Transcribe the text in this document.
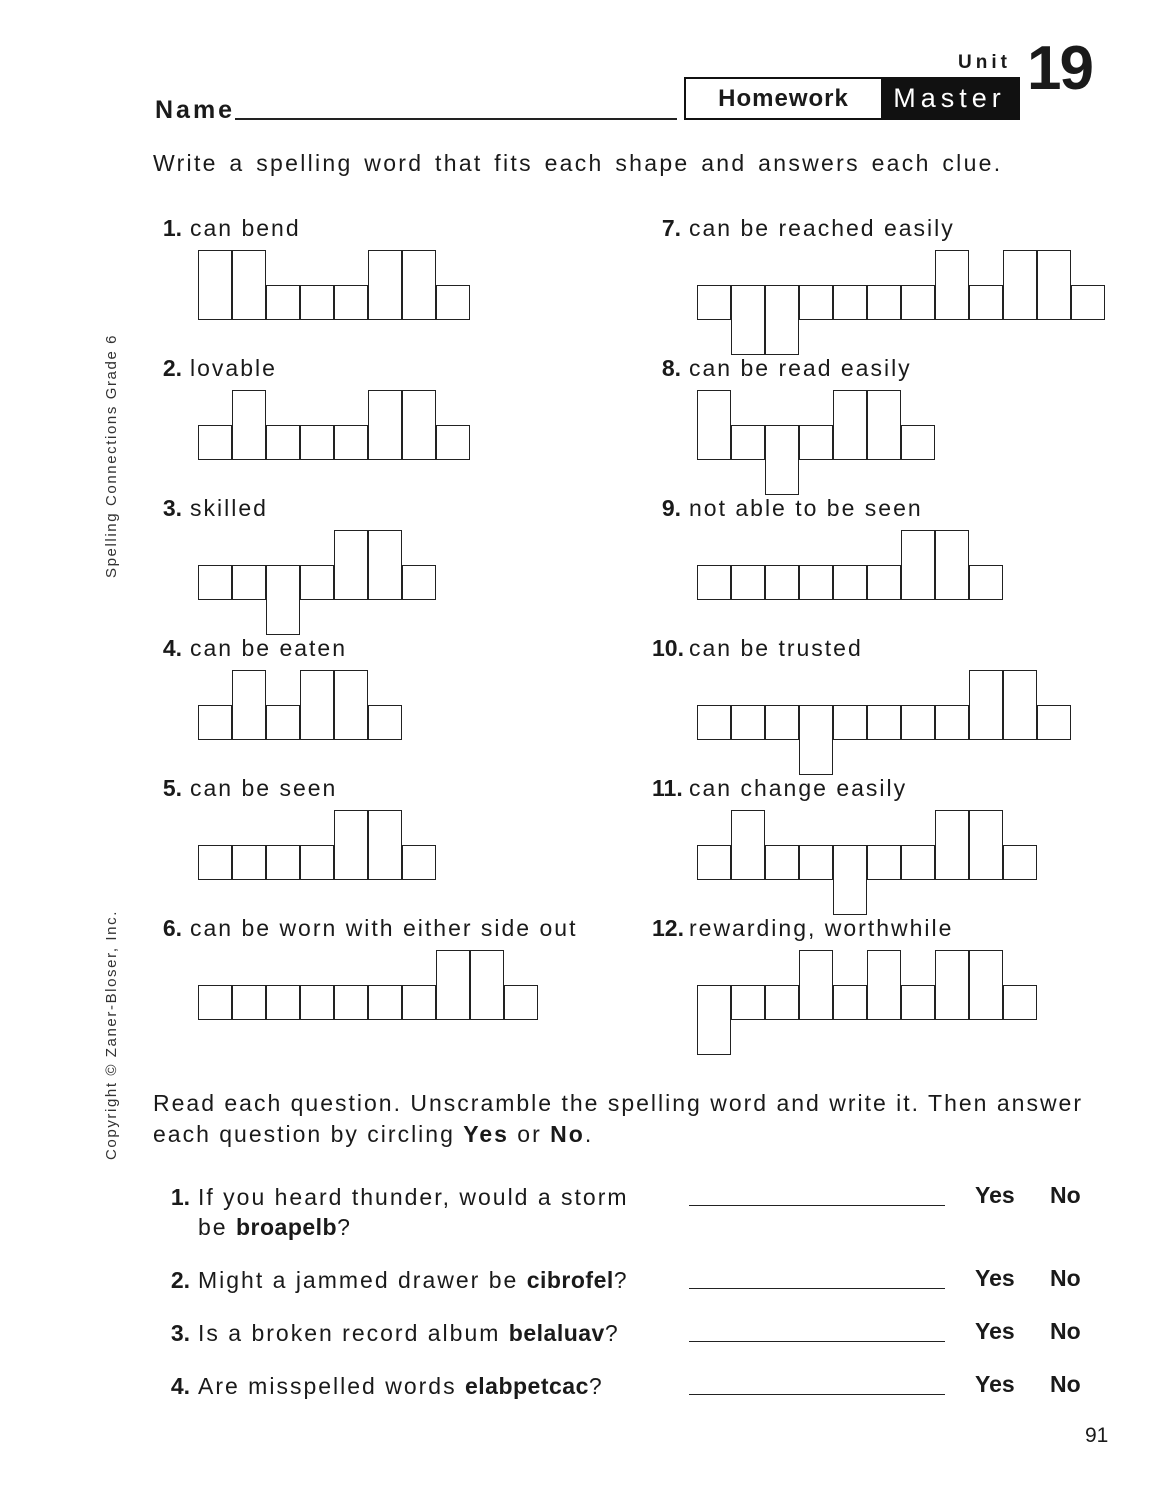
Name
Unit 19
Homework	Master
Write a spelling word that fits each shape and answers each clue.
Spelling Connections Grade 6
Copyright © Zaner-Bloser, Inc.
1. can bend
2. lovable
3. skilled
4. can be eaten
5. can be seen
6. can be worn with either side out
7. can be reached easily
8. can be read easily
9. not able to be seen
10. can be trusted
11. can change easily
12. rewarding, worthwhile
Read each question. Unscramble the spelling word and write it. Then answer each question by circling Yes or No.
1. If you heard thunder, would a storm
be broapelb?
2. Might a jammed drawer be cibrofel?
3. Is a broken record album belaluav?
4. Are misspelled words elabpetcac?
Yes No
Yes No
Yes No
Yes No
91
